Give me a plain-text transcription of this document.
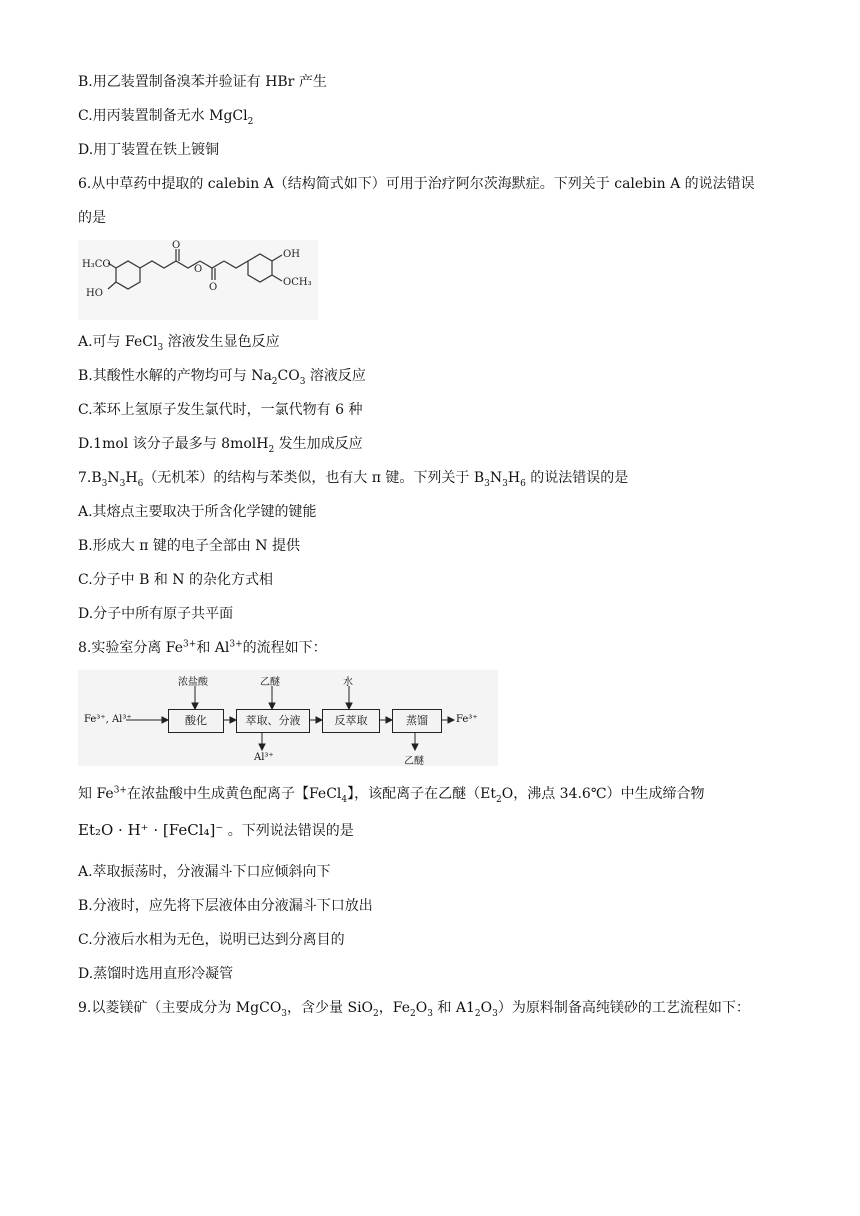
B.用乙装置制备溴苯并验证有 HBr 产生
C.用丙装置制备无水 MgCl$_2$
D.用丁装置在铁上镀铜
6.从中草药中提取的 calebin A（结构简式如下）可用于治疗阿尔茨海默症。下列关于 calebin A 的说法错误
的是
H₃CO
HO
O
O
O
OH
OCH₃
A.可与 FeCl$_3$ 溶液发生显色反应
B.其酸性水解的产物均可与 $Na_2CO_3$ 溶液反应
C.苯环上氢原子发生氯代时，一氯代物有 6 种
D.1mol 该分子最多与 8molH$_2$ 发生加成反应
$7.B_3N_3H_6$（无机苯）的结构与苯类似，也有大 π 键。下列关于 $B_3N_3H_6$ 的说法错误的是
A.其熔点主要取决于所含化学键的键能
B.形成大 π 键的电子全部由 N 提供
C.分子中 B 和 N 的杂化方式相
D.分子中所有原子共平面
8.实验室分离 $Fe^{3+}$和 $Al^{3+}$的流程如下：
Fe³⁺, Al³⁺
浓盐酸	乙醚	水
酸化	萃取、分液	反萃取	蒸馏
Al³⁺	乙醚
Fe³⁺
知 $Fe^{3+}$在浓盐酸中生成黄色配离子【FeCl$_4$】，该配离子在乙醚（$Et_2O$，沸点 34.6℃）中生成缔合物
Et₂O · H⁺ · [FeCl₄]⁻ 。下列说法错误的是
A.萃取振荡时，分液漏斗下口应倾斜向下
B.分液时，应先将下层液体由分液漏斗下口放出
C.分液后水相为无色，说明已达到分离目的
D.蒸馏时选用直形冷凝管
9.以菱镁矿（主要成分为 MgCO$_3$，含少量 SiO$_2$，$Fe_2O_3$ 和 $A1_2O_3$）为原料制备高纯镁砂的工艺流程如下：
